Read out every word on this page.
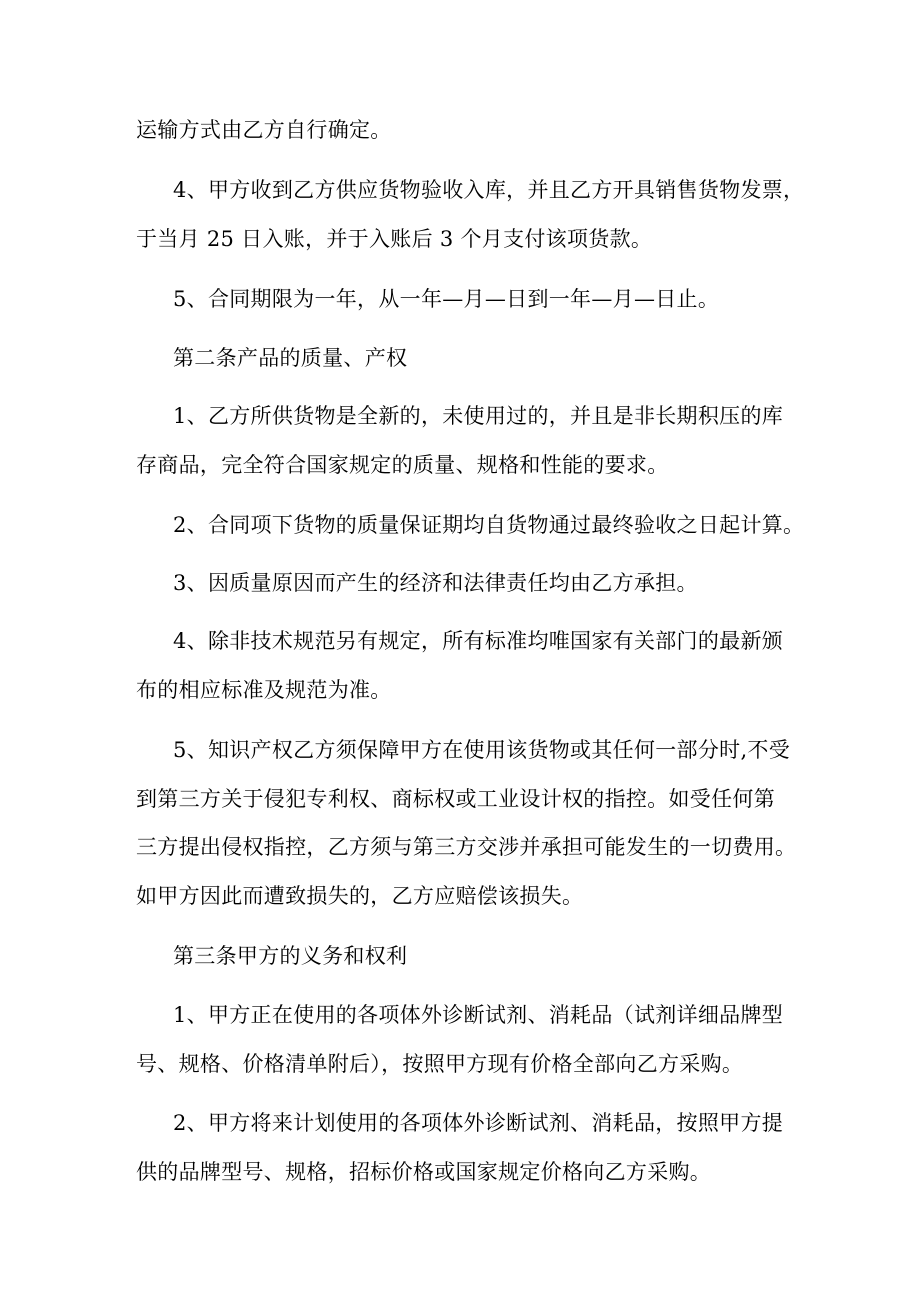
运输方式由乙方自行确定。
4、甲方收到乙方供应货物验收入库，并且乙方开具销售货物发票，
于当月 25 日入账，并于入账后 3 个月支付该项货款。
5、合同期限为一年，从一年—月—日到一年—月—日止。
第二条产品的质量、产权
1、乙方所供货物是全新的，未使用过的，并且是非长期积压的库
存商品，完全符合国家规定的质量、规格和性能的要求。
2、合同项下货物的质量保证期均自货物通过最终验收之日起计算。
3、因质量原因而产生的经济和法律责任均由乙方承担。
4、除非技术规范另有规定，所有标准均唯国家有关部门的最新颁
布的相应标准及规范为准。
5、知识产权乙方须保障甲方在使用该货物或其任何一部分时,不受
到第三方关于侵犯专利权、商标权或工业设计权的指控。如受任何第
三方提出侵权指控，乙方须与第三方交涉并承担可能发生的一切费用。
如甲方因此而遭致损失的，乙方应赔偿该损失。
第三条甲方的义务和权利
1、甲方正在使用的各项体外诊断试剂、消耗品（试剂详细品牌型
号、规格、价格清单附后），按照甲方现有价格全部向乙方采购。
2、甲方将来计划使用的各项体外诊断试剂、消耗品，按照甲方提
供的品牌型号、规格，招标价格或国家规定价格向乙方采购。
